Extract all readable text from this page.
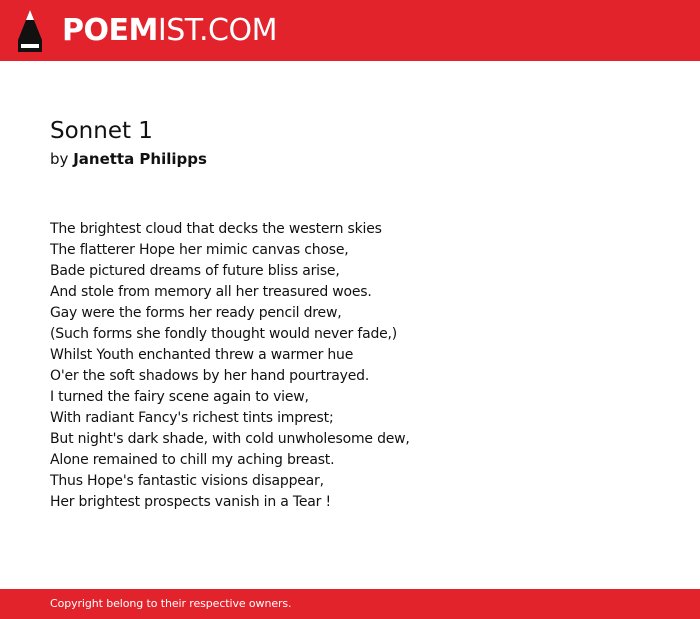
POEMIST.COM
Sonnet 1
by Janetta Philipps
The brightest cloud that decks the western skies
The flatterer Hope her mimic canvas chose,
Bade pictured dreams of future bliss arise,
And stole from memory all her treasured woes.
Gay were the forms her ready pencil drew,
(Such forms she fondly thought would never fade,)
Whilst Youth enchanted threw a warmer hue
O'er the soft shadows by her hand pourtrayed.
I turned the fairy scene again to view,
With radiant Fancy's richest tints imprest;
But night's dark shade, with cold unwholesome dew,
Alone remained to chill my aching breast.
Thus Hope's fantastic visions disappear,
Her brightest prospects vanish in a Tear !
Copyright belong to their respective owners.
